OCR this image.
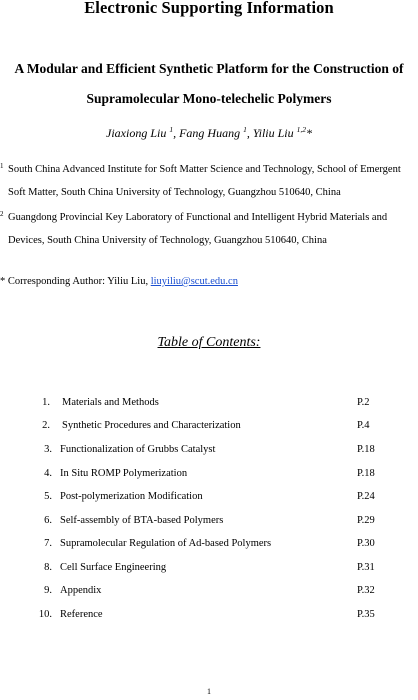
Electronic Supporting Information
A Modular and Efficient Synthetic Platform for the Construction of
Supramolecular Mono-telechelic Polymers
Jiaxiong Liu $^1$, Fang Huang $^1$, Yiliu Liu $^{1,2}$*
1 South China Advanced Institute for Soft Matter Science and Technology, School of Emergent
Soft Matter, South China University of Technology, Guangzhou 510640, China
2 Guangdong Provincial Key Laboratory of Functional and Intelligent Hybrid Materials and
Devices, South China University of Technology, Guangzhou 510640, China
* Corresponding Author: Yiliu Liu, liuyiliu@scut.edu.cn
Table of Contents:
1. Materials and Methods	P.2
2. Synthetic Procedures and Characterization	P.4
3. Functionalization of Grubbs Catalyst	P.18
4. In Situ ROMP Polymerization	P.18
5. Post-polymerization Modification	P.24
6. Self-assembly of BTA-based Polymers	P.29
7. Supramolecular Regulation of Ad-based Polymers	P.30
8. Cell Surface Engineering	P.31
9. Appendix	P.32
10. Reference	P.35
1
